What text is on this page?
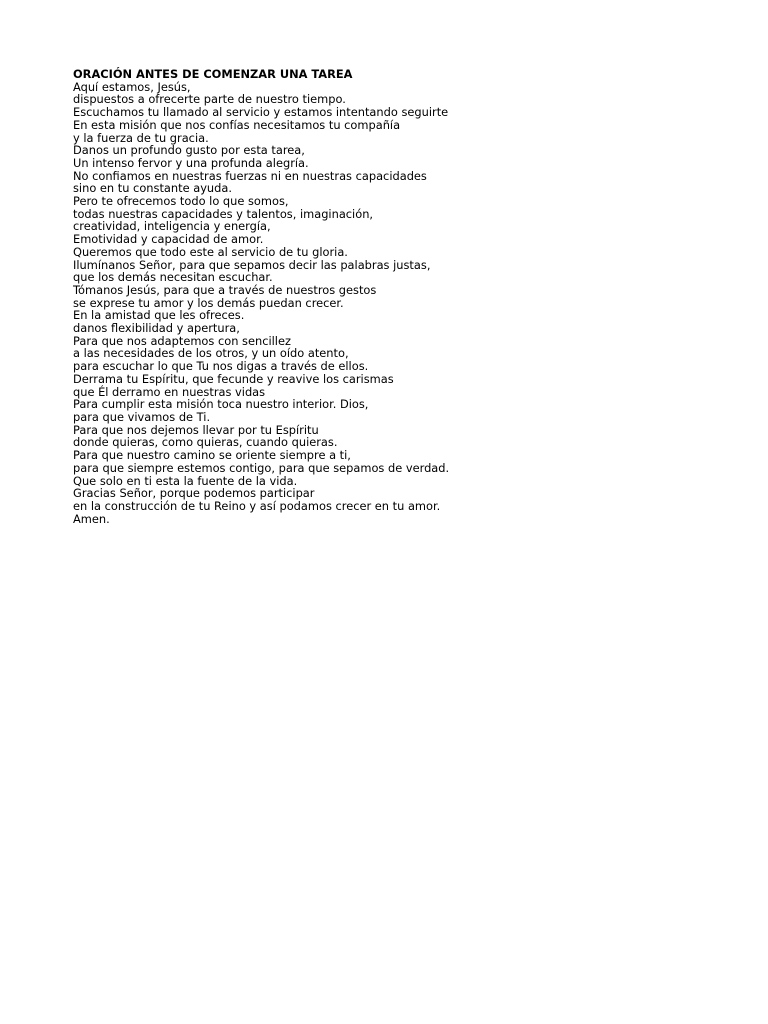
ORACIÓN ANTES DE COMENZAR UNA TAREA

Aquí estamos, Jesús,

dispuestos a ofrecerte parte de nuestro tiempo.

Escuchamos tu llamado al servicio y estamos intentando seguirte

En esta misión que nos confías necesitamos tu compañía

y la fuerza de tu gracia.

Danos un profundo gusto por esta tarea,

Un intenso fervor y una profunda alegría.

No confiamos en nuestras fuerzas ni en nuestras capacidades

sino en tu constante ayuda.

Pero te ofrecemos todo lo que somos,

todas nuestras capacidades y talentos, imaginación,

creatividad, inteligencia y energía,

Emotividad y capacidad de amor.

Queremos que todo este al servicio de tu gloria.

Ilumínanos Señor, para que sepamos decir las palabras justas,

que los demás necesitan escuchar.

Tómanos Jesús, para que a través de nuestros gestos

se exprese tu amor y los demás puedan crecer.

En la amistad que les ofreces.

danos flexibilidad y apertura,

Para que nos adaptemos con sencillez

a las necesidades de los otros, y un oído atento,

para escuchar lo que Tu nos digas a través de ellos.

Derrama tu Espíritu, que fecunde y reavive los carismas

que Él derramo en nuestras vidas

Para cumplir esta misión toca nuestro interior. Dios,

para que vivamos de Ti.

Para que nos dejemos llevar por tu Espíritu

donde quieras, como quieras, cuando quieras.

Para que nuestro camino se oriente siempre a ti,

para que siempre estemos contigo, para que sepamos de verdad.

Que solo en ti esta la fuente de la vida.

Gracias Señor, porque podemos participar

en la construcción de tu Reino y así podamos crecer en tu amor.

Amen.
